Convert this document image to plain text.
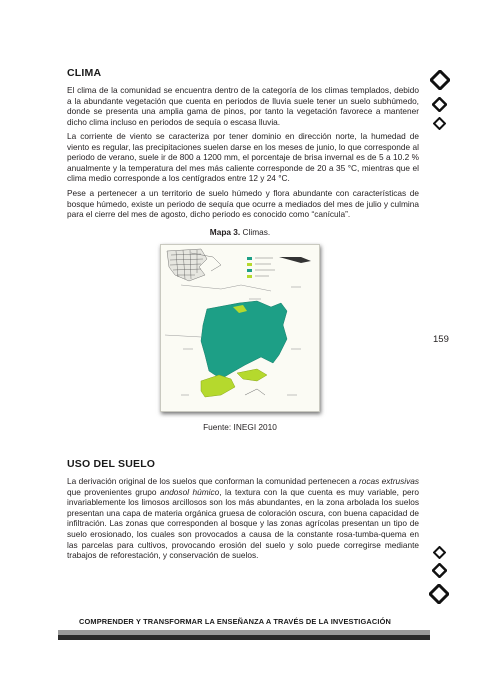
CLIMA

El clima de la comunidad se encuentra dentro de la categoría de los climas templados, debido a la abundante vegetación que cuenta en periodos de lluvia suele tener un suelo subhúmedo, donde se presenta una amplia gama de pinos, por tanto la vegetación favorece a mantener dicho clima incluso en periodos de sequía o escasa lluvia.

La corriente de viento se caracteriza por tener dominio en dirección norte, la humedad de viento es regular, las precipitaciones suelen darse en los meses de junio, lo que corresponde al periodo de verano, suele ir de 800 a 1200 mm, el porcentaje de brisa invernal es de 5 a 10.2 % anualmente y la temperatura del mes más caliente corresponde de 20 a 35 °C, mientras que el clima medio corresponde a los centígrados entre 12 y 24 °C.

Pese a pertenecer a un territorio de suelo húmedo y flora abundante con características de bosque húmedo, existe un periodo de sequía que ocurre a mediados del mes de julio y culmina para el cierre del mes de agosto, dicho periodo es conocido como “canícula”.

Mapa 3. Climas.
Fuente: INEGI 2010
USO DEL SUELO

La derivación original de los suelos que conforman la comunidad pertenecen a rocas extrusivas que provenientes grupo andosol húmico, la textura con la que cuenta es muy variable, pero invariablemente los limosos arcillosos son los más abundantes, en la zona arbolada los suelos presentan una capa de materia orgánica gruesa de coloración oscura, con buena capacidad de infiltración. Las zonas que corresponden al bosque y las zonas agrícolas presentan un tipo de suelo erosionado, los cuales son provocados a causa de la constante rosa-tumba-quema en las parcelas para cultivos, provocando erosión del suelo y solo puede corregirse mediante trabajos de reforestación, y conservación de suelos.

159
COMPRENDER Y TRANSFORMAR LA ENSEÑANZA A TRAVÉS DE LA INVESTIGACIÓN
